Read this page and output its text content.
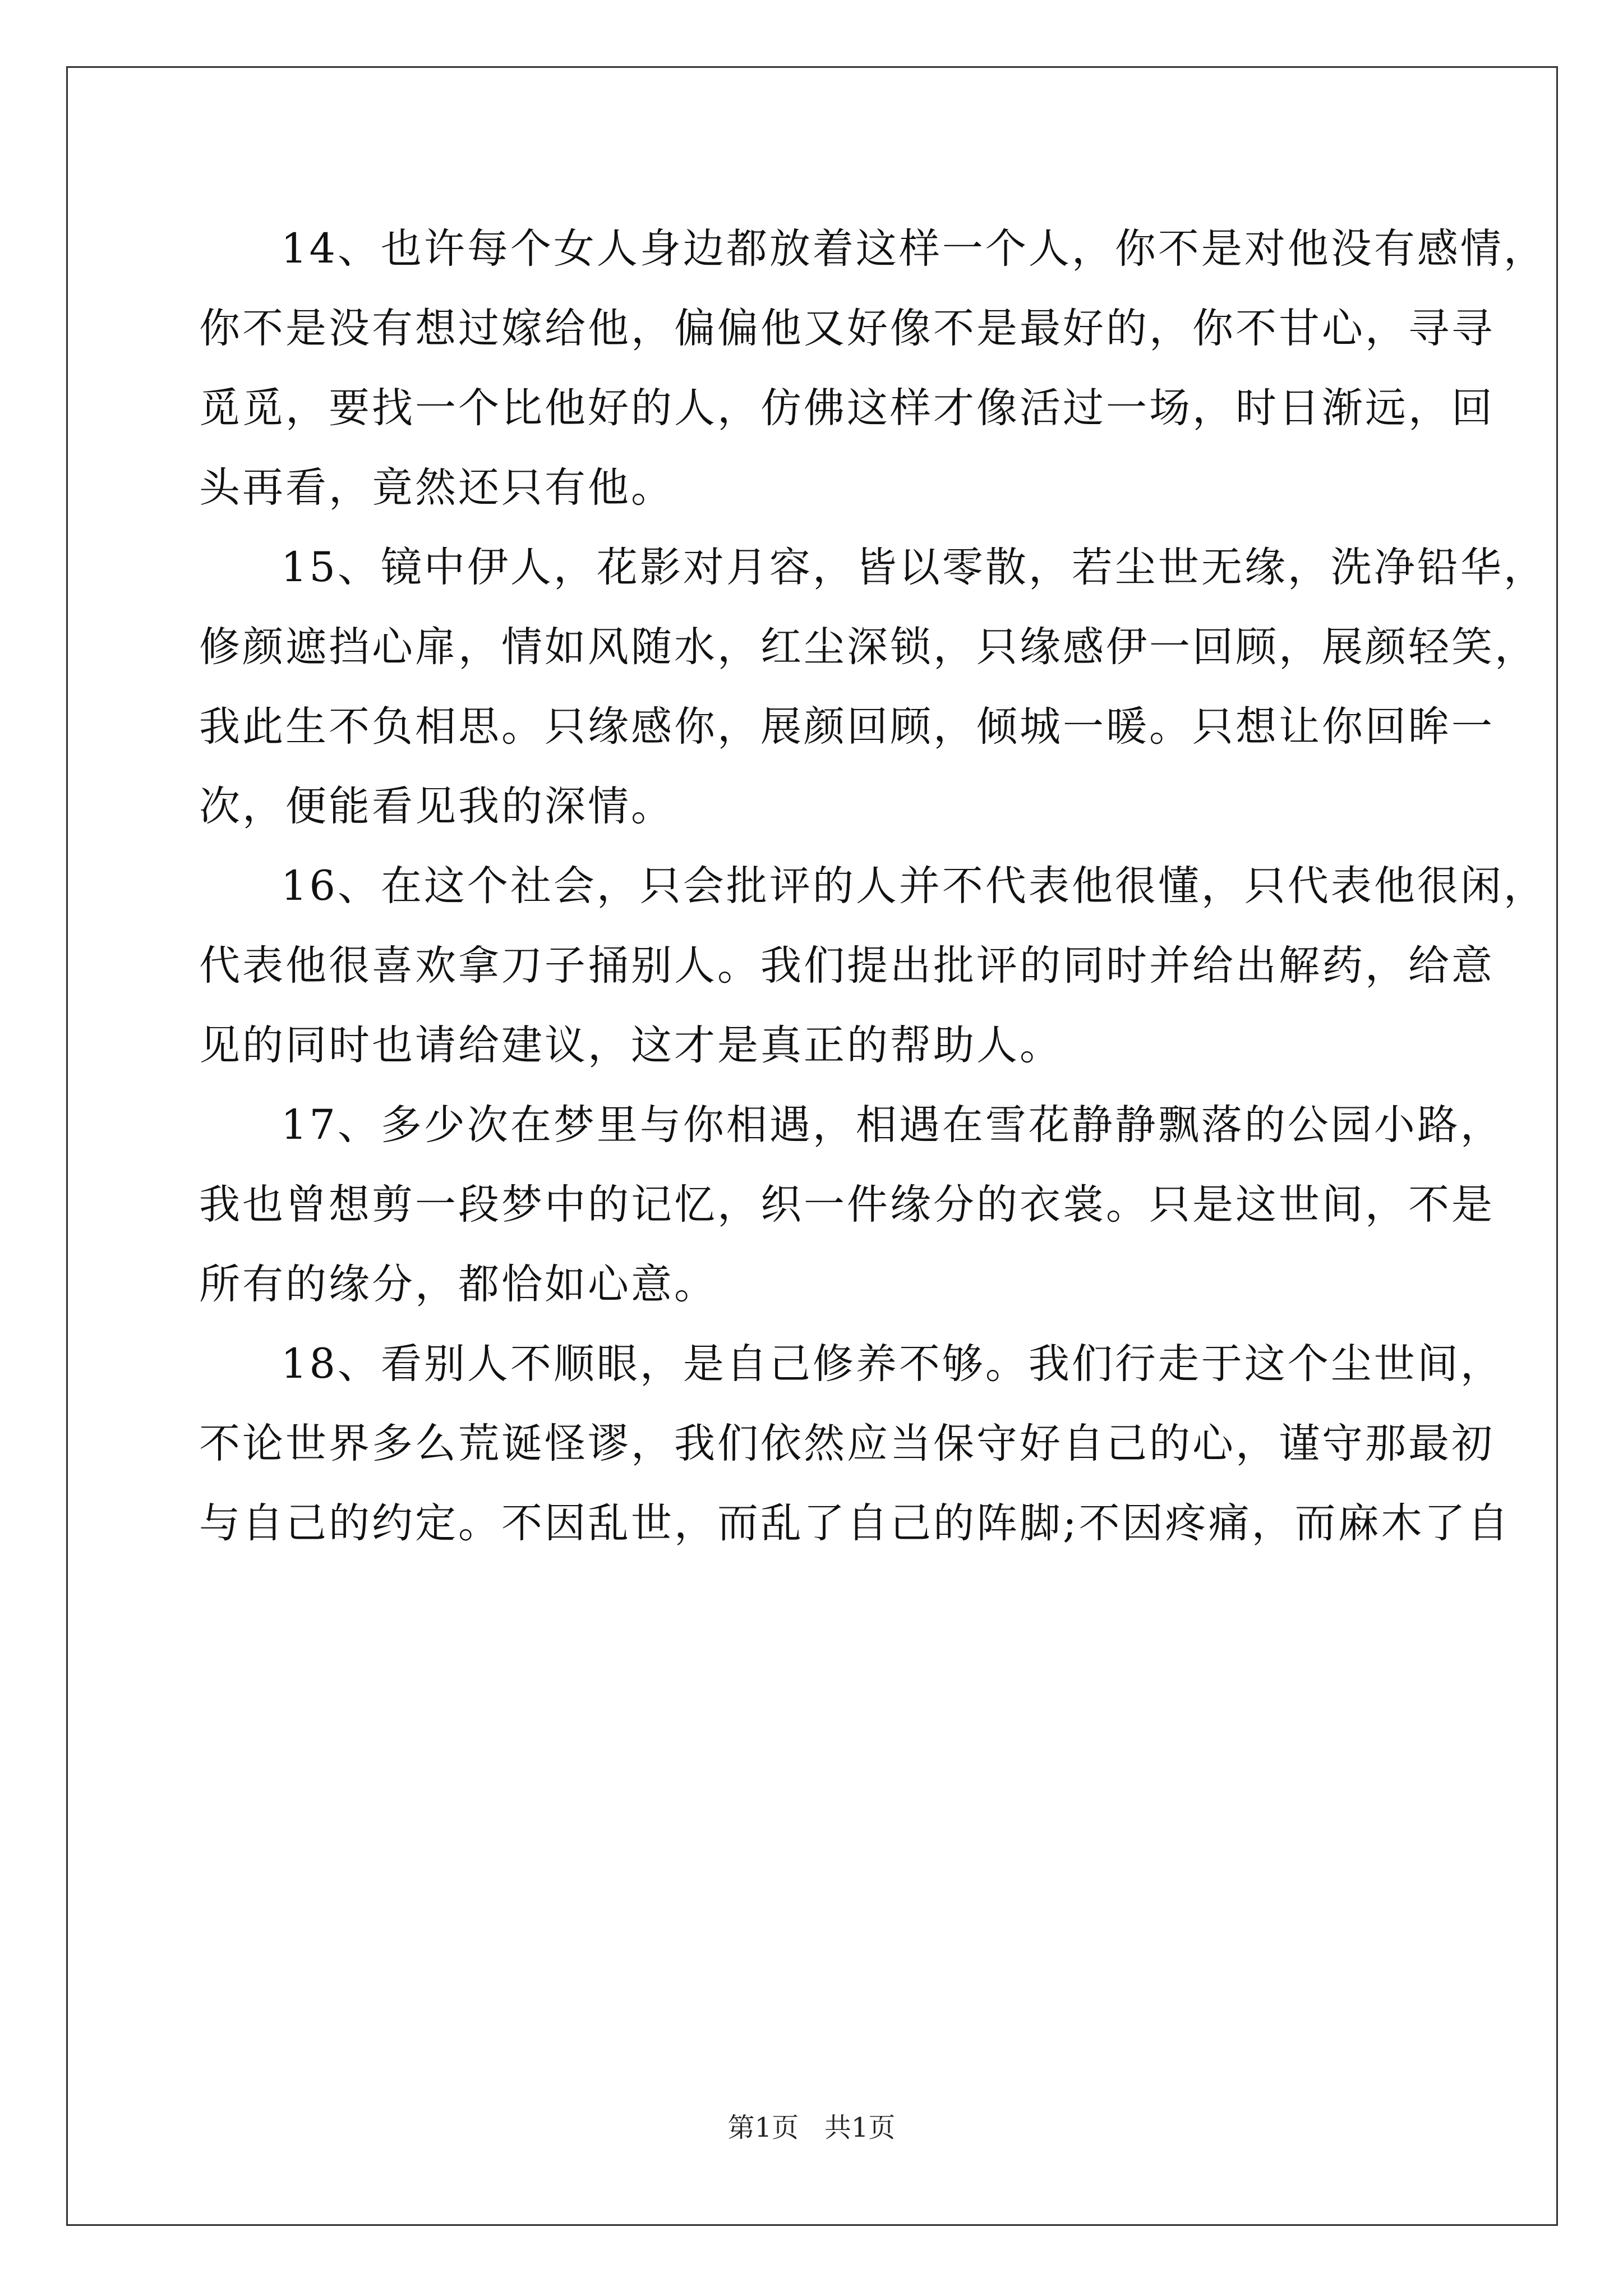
14、也许每个女人身边都放着这样一个人，你不是对他没有感情，
你不是没有想过嫁给他，偏偏他又好像不是最好的，你不甘心，寻寻
觅觅，要找一个比他好的人，仿佛这样才像活过一场，时日渐远，回
头再看，竟然还只有他。
15、镜中伊人，花影对月容，皆以零散，若尘世无缘，洗净铅华，
修颜遮挡心扉，情如风随水，红尘深锁，只缘感伊一回顾，展颜轻笑，
我此生不负相思。只缘感你，展颜回顾，倾城一暖。只想让你回眸一
次，便能看见我的深情。
16、在这个社会，只会批评的人并不代表他很懂，只代表他很闲，
代表他很喜欢拿刀子捅别人。我们提出批评的同时并给出解药，给意
见的同时也请给建议，这才是真正的帮助人。
17、多少次在梦里与你相遇，相遇在雪花静静飘落的公园小路，
我也曾想剪一段梦中的记忆，织一件缘分的衣裳。只是这世间，不是
所有的缘分，都恰如心意。
18、看别人不顺眼，是自己修养不够。我们行走于这个尘世间，
不论世界多么荒诞怪谬，我们依然应当保守好自己的心，谨守那最初
与自己的约定。不因乱世，而乱了自己的阵脚;不因疼痛，而麻木了自
第1页   共1页
